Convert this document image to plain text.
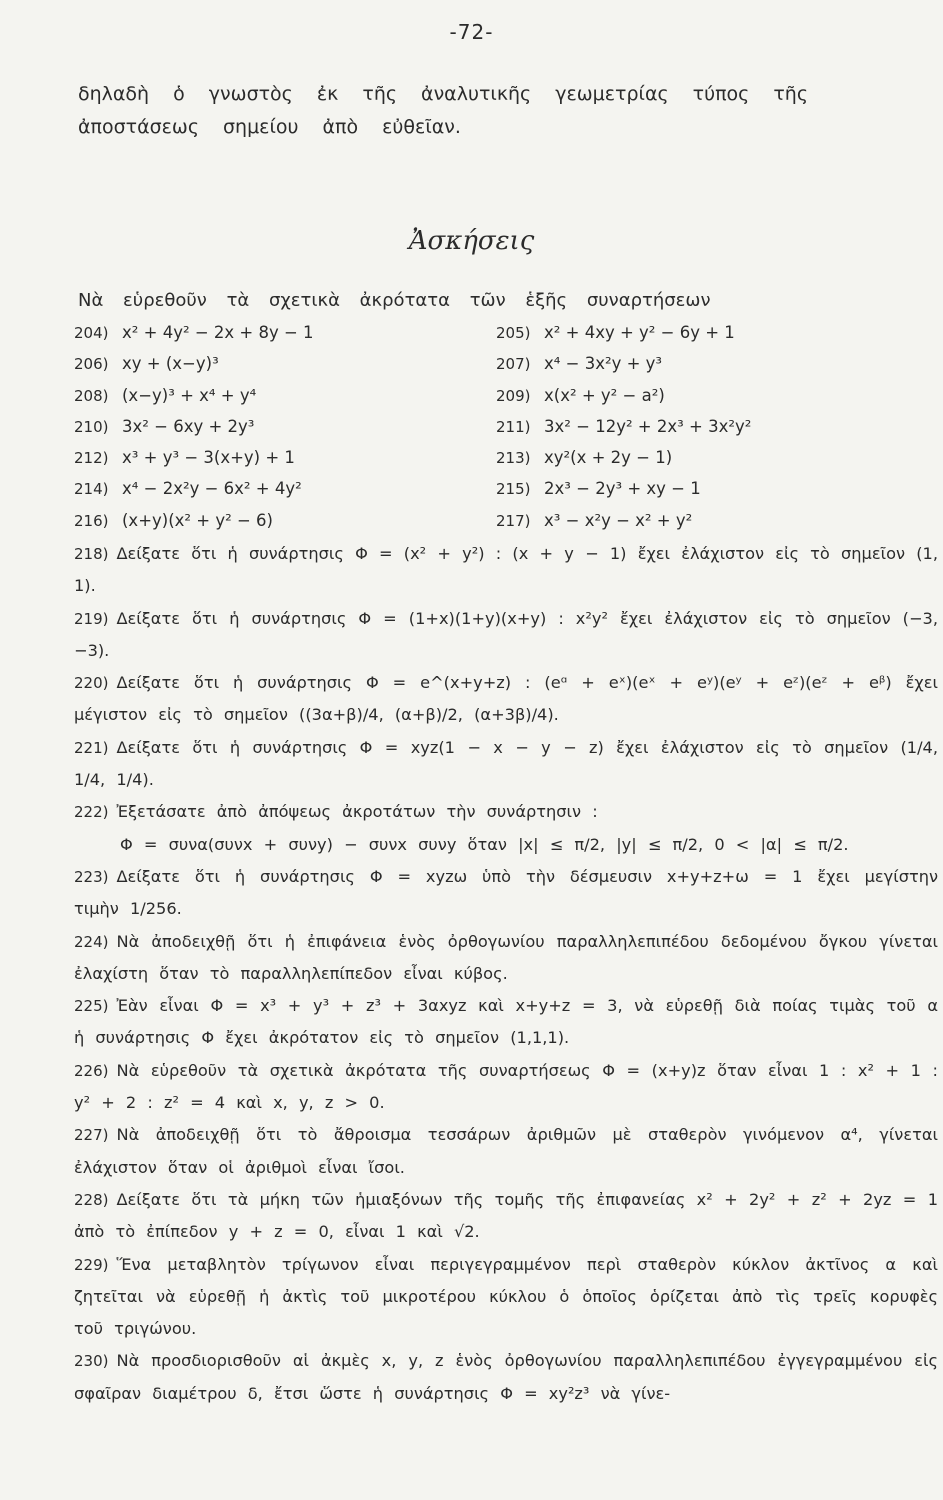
-72-
δηλαδὴ ὁ γνωστὸς ἐκ τῆς ἀναλυτικῆς γεωμετρίας τύπος τῆς ἀποστάσεως σημείου ἀπὸ εὐθεῖαν.
Ἀσκήσεις
Νὰ εὑρεθοῦν τὰ σχετικὰ ἀκρότατα τῶν ἑξῆς συναρτήσεων
204) x² + 4y² − 2x + 8y − 1	205) x² + 4xy + y² − 6y + 1
206) xy + (x−y)³	207) x⁴ − 3x²y + y³
208) (x−y)³ + x⁴ + y⁴	209) x(x² + y² − a²)
210) 3x² − 6xy + 2y³	211) 3x² − 12y² + 2x³ + 3x²y²
212) x³ + y³ − 3(x+y) + 1	213) xy²(x + 2y − 1)
214) x⁴ − 2x²y − 6x² + 4y²	215) 2x³ − 2y³ + xy − 1
216) (x+y)(x² + y² − 6)	217) x³ − x²y − x² + y²
218) Δείξατε ὅτι ἡ συνάρτησις Φ = (x² + y²) : (x + y − 1) ἔχει ἐλάχιστον εἰς τὸ σημεῖον (1, 1).
219) Δείξατε ὅτι ἡ συνάρτησις Φ = (1+x)(1+y)(x+y) : x²y² ἔχει ἐλάχιστον εἰς τὸ σημεῖον (−3, −3).
220) Δείξατε ὅτι ἡ συνάρτησις Φ = e^(x+y+z) : (eᵅ + eˣ)(eˣ + eʸ)(eʸ + eᶻ)(eᶻ + eᵝ) ἔχει μέγιστον εἰς τὸ σημεῖον ((3α+β)/4, (α+β)/2, (α+3β)/4).
221) Δείξατε ὅτι ἡ συνάρτησις Φ = xyz(1 − x − y − z) ἔχει ἐλάχιστον εἰς τὸ σημεῖον (1/4, 1/4, 1/4).
222) Ἐξετάσατε ἀπὸ ἀπόψεως ἀκροτάτων τὴν συνάρτησιν :
Φ = συνα(συνx + συνy) − συνx συνy ὅταν |x| ≤ π/2, |y| ≤ π/2, 0 < |α| ≤ π/2.
223) Δείξατε ὅτι ἡ συνάρτησις Φ = xyzω ὑπὸ τὴν δέσμευσιν x+y+z+ω = 1 ἔχει μεγίστην τιμὴν 1/256.
224) Νὰ ἀποδειχθῇ ὅτι ἡ ἐπιφάνεια ἑνὸς ὀρθογωνίου παραλληλεπιπέδου δεδομένου ὄγκου γίνεται ἐλαχίστη ὅταν τὸ παραλληλεπίπεδον εἶναι κύβος.
225) Ἐὰν εἶναι Φ = x³ + y³ + z³ + 3αxyz καὶ x+y+z = 3, νὰ εὑρεθῇ διὰ ποίας τιμὰς τοῦ α ἡ συνάρτησις Φ ἔχει ἀκρότατον εἰς τὸ σημεῖον (1,1,1).
226) Νὰ εὑρεθοῦν τὰ σχετικὰ ἀκρότατα τῆς συναρτήσεως Φ = (x+y)z ὅταν εἶναι 1 : x² + 1 : y² + 2 : z² = 4 καὶ x, y, z > 0.
227) Νὰ ἀποδειχθῇ ὅτι τὸ ἄθροισμα τεσσάρων ἀριθμῶν μὲ σταθερὸν γινόμενον α⁴, γίνεται ἐλάχιστον ὅταν οἱ ἀριθμοὶ εἶναι ἴσοι.
228) Δείξατε ὅτι τὰ μήκη τῶν ἡμιαξόνων τῆς τομῆς τῆς ἐπιφανείας x² + 2y² + z² + 2yz = 1 ἀπὸ τὸ ἐπίπεδον y + z = 0, εἶναι 1 καὶ √2.
229) Ἕνα μεταβλητὸν τρίγωνον εἶναι περιγεγραμμένον περὶ σταθερὸν κύκλον ἀκτῖνος α καὶ ζητεῖται νὰ εὑρεθῇ ἡ ἀκτὶς τοῦ μικροτέρου κύκλου ὁ ὁποῖος ὁρίζεται ἀπὸ τὶς τρεῖς κορυφὲς τοῦ τριγώνου.
230) Νὰ προσδιορισθοῦν αἱ ἀκμὲς x, y, z ἑνὸς ὀρθογωνίου παραλληλεπιπέδου ἐγγεγραμμένου εἰς σφαῖραν διαμέτρου δ, ἔτσι ὥστε ἡ συνάρτησις Φ = xy²z³ νὰ γίνε-
